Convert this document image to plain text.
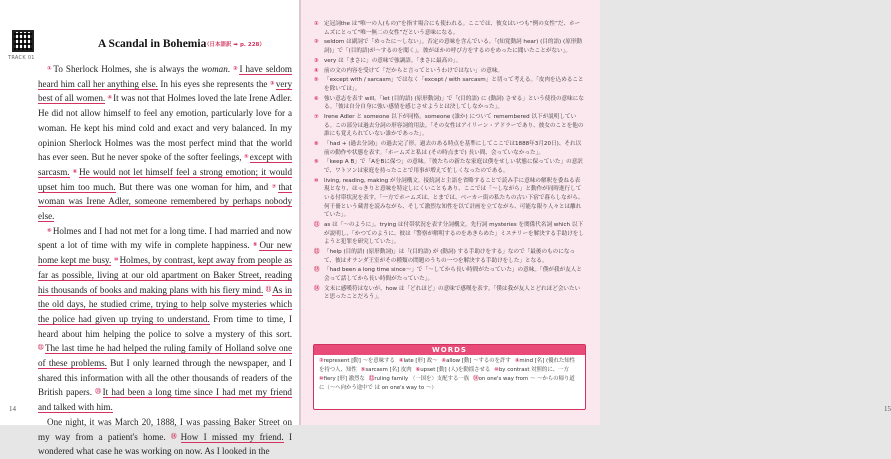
TRACK 01
A Scandal in Bohemia
（日本語訳 ➡ p. 228）

①To Sherlock Holmes, she is always the woman. ②I have seldom heard him call her anything else. In his eyes she represents the ③very best of all women. ④It was not that Holmes loved the late Irene Adler. He did not allow himself to feel any emotion, particularly love for a woman. He kept his mind cold and exact and very balanced. In my opinion Sherlock Holmes was the most perfect mind that the world has ever seen. But he never spoke of the softer feelings, ⑤except with sarcasm. ⑥He would not let himself feel a strong emotion; it would upset him too much. But there was one woman for him, and ⑦that woman was Irene Adler, someone remembered by perhaps nobody else.

⑧Holmes and I had not met for a long time. I had married and now spent a lot of time with my wife in complete happiness. ⑨Our new home kept me busy. ⑩Holmes, by contrast, kept away from people as far as possible, living at our old apartment on Baker Street, reading his thousands of books and making plans with his fiery mind. ⑪As in the old days, he studied crime, trying to help solve mysteries which the police had given up trying to understand. From time to time, I heard about him helping the police to solve a mystery of this sort. ⑫The last time he had helped the ruling family of Holland solve one of these problems. But I only learned through the newspaper, and I shared this information with all the other thousands of readers of the British papers. ⑬It had been a long time since I had met my friend and talked with him.

One night, it was March 20, 1888, I was passing Baker Street on my way from a patient's home. ⑭How I missed my friend. I wondered what case he was working on now. As I looked in the

14	15
① 定冠詞the は“唯一の人(もの)”を指す場合にも使われる。ここでは、彼女はいつも“例の女性”だ、ホームズにとって“唯一無二の女性”だという意味になる。
② seldom は副詞で「めったに～しない」。否定の意味を含んでいる。「(知覚動詞 hear) (目的語) (原形動詞)」で「(目的語)が～するのを聞く」。彼がほかの呼び方をするのをめったに聞いたことがない」。
③ very は「まさに」の意味で強調語。「まさに最高の」。
④ 前の文の内容を受けて「だからと言ってというわけではない」の意味。
⑤ 「except with / sarcasm」ではなく「except / with sarcasm」と切って考える。「皮肉を込めることを除いては」。
⑥ 強い意志を表す will。「let (目的語) (原形動詞)」で「(目的語) に (動詞) させる」という使役の意味になる。「彼は自分自身に強い感情を感じさせようとは決してしなかった」。
⑦ Irene Adler と someone 以下が同格。someone (誰か) について remembered 以下が説明している。この部分は過去分詞の形容詞的用法。「その女性はアイリーン・アドラーであり、彼女のことを他の誰にも覚えられていない誰かであった」。
⑧ 「had + (過去分詞)」の過去完了形。過去のある時点を基準にしてここでは1888年3月20日)、それ以前の動作や状態を表す。「ホームズと私は (その時点まで) 長い間、会っていなかった」。
⑨ 「keep A B」で「AをBに保つ」の意味。「彼たちの新たな家庭は僕をせしい状態に保っていた」の意訳で、ワトソンは家庭を持ったことで用事が増えて忙しくなったのである。
⑩ living, reading, making が分詞構文。接続詞と主語を省略することで読み手に意味の解釈を委ねる表現となり、はっきりと意味を特定しにくいこともあり、ここでは「～しながら」と動作が同時進行している付帯状況を表す。「一方でホームズは、とまでは、ベーカー街の私たちの古い下宿で暮らしながら、何千冊という蔵書を読みながら、そして激烈な知性を以て計画を立てながら、可能な限り人々とは離れていた」。
⑪ as は「～のように」。trying は付帯状況を表す分詞構文。先行詞 mysteries を関係代名詞 which 以下が説明し、「かつてのように、彼は「警察が解明するのをあきらめた」ミステリーを解決する手助けをしようと犯罪を研究していた」。
⑫ 「help (目的語) (原形動詞)」は「(目的語) が (動詞) する手助けをする」なので「最後のものになって、彼はオランダ王室がその種類の問題のうちの一つを解決する手助けをした」となる。
⑬ 「had been a long time since～」で「～してから長い時間がたっていた」の意味。「僕が我が友人と会って話してから長い時間がたっていた」。
⑭ 文末に感嘆符はないが、how は「どれほど」の意味で感嘆を表す。「僕は我が友人とどれほど会いたいと思ったことだろう」。
WORDS
②represent [動] ～を意味する ④late [形] 故～ ④allow [動] ～するのを許す ④mind [名] (優れた知性を持つ人、知性 ⑤sarcasm [名] 皮肉 ⑥upset [動] (人)を動揺させる ⑩by contrast 対照的に、一方⑩fiery [形] 激烈な ⑫ruling family 〈一国を〉支配する一族 ⑭on one's way from ～ ～からの帰り道に（～へ向かう途中で は on one's way to ～）
